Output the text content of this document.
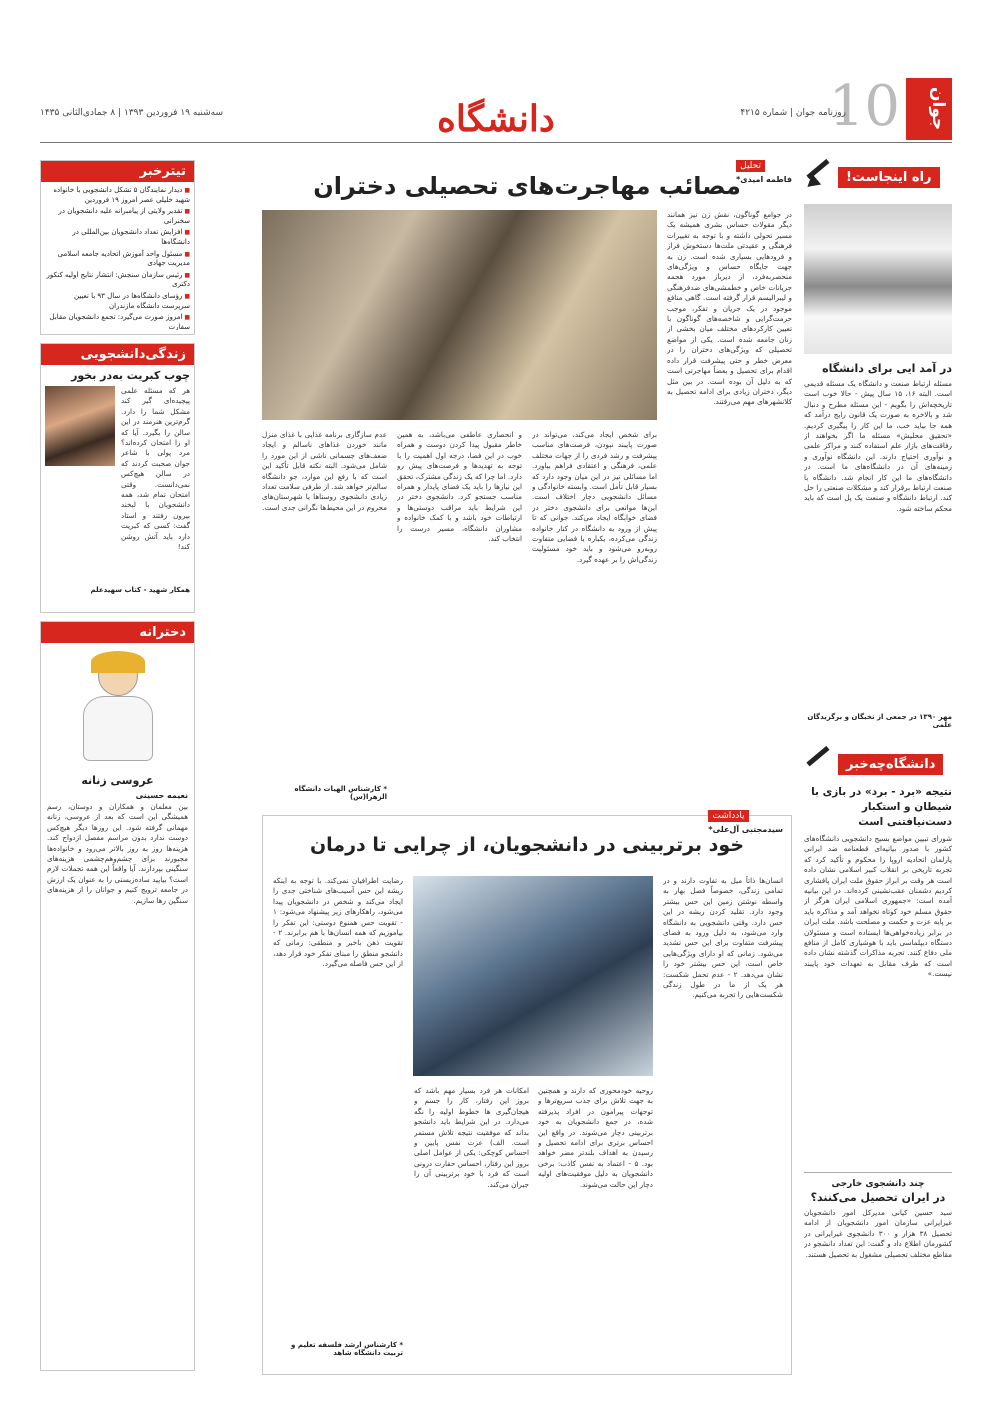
جوان
10
روزنامه جوان | شماره ۴۲۱۵
دانشگاه
سه‌شنبه ۱۹ فروردین ۱۳۹۳ | ۸ جمادی‌الثانی ۱۴۳۵
راه اینجاست!
در آمد ایی برای دانشگاه
مسئله ارتباط صنعت و دانشگاه یک مسئله قدیمی است. البته ۱۶، ۱۵ سال پیش - حالا خوب است تاریخچه‌اش را بگویم - این مسئله مطرح و دنبال شد و بالاخره به صورت یک قانون رایج درآمد که همه‌ جا بیاید خب، ما این کار را پیگیری کردیم. «تحقیق محلیش» مسئله‌ ما اگر بخواهند از رفاقت‌های بازار علم استفاده کنند و مراکز علمی و نوآوری احتیاج دارند. این دانشگاه نوآوری و زمینه‌های آن در دانشگاه‌های ما است. در دانشگاه‌های ما این کار انجام شد. دانشگاه با صنعت ارتباط برقرار کند و مشکلات صنعتی را حل کند. ارتباط دانشگاه و صنعت یک پل است که باید محکم ساخته شود.
مهر ۱۳۹۰ در جمعی از نخبگان و برگزیدگان علمی
دانشگاه‌چه‌خبر
نتیجه «برد - برد» در بازی با شیطان و استکبار دست‌نیافتنی است
شورای تبیین مواضع بسیج دانشجویی دانشگاه‌های کشور با صدور بیانیه‌ای قطعنامه ضد ایرانی پارلمان اتحادیه اروپا را محکوم و تأکید کرد که تجربه تاریخی بر انقلاب کبیر اسلامی نشان داده است هر وقت بر ابراز حقوق ملت ایران پافشاری کردیم دشمنان عقب‌نشینی کرده‌اند. در این بیانیه آمده است: «جمهوری اسلامی ایران هرگز از حقوق مسلم خود کوتاه نخواهد آمد و مذاکره باید بر پایه عزت و حکمت و مصلحت باشد. ملت ایران در برابر زیاده‌خواهی‌ها ایستاده است و مسئولان دستگاه دیپلماسی باید با هوشیاری کامل از منافع ملی دفاع کنند. تجربه مذاکرات گذشته نشان داده است که طرف مقابل به تعهدات خود پایبند نیست.»
چند دانشجوی خارجی
در ایران تحصیل می‌کنند؟
سید حسین کیانی مدیرکل امور دانشجویان غیرایرانی سازمان امور دانشجویان از ادامه تحصیل ۳۸ هزار و ۳۰۰ دانشجوی غیرایرانی در کشورمان اطلاع داد و گفت: این تعداد دانشجو در مقاطع مختلف تحصیلی مشغول به تحصیل هستند.
تحلیل
فاطمه امیدی*
مصائب مهاجرت‌های تحصیلی دختران
در جوامع گوناگون، نقش زن نیز همانند دیگر مقولات حساس بشری همیشه یک مسیر تحولی داشته و با توجه به تغییرات فرهنگی و عقیدتی ملت‌ها دستخوش فراز و فرودهایی بسیاری شده است. زن به جهت جایگاه حساس و ویژگی‌های منحصربه‌فرد، از دیرباز مورد هجمه جریانات خاص و خطمشی‌های ضدفرهنگی و لیبرالیسم قرار گرفته است. گاهی منافع موجود در یک جریان و تفکر، موجب حرمت‌گرایی و شاخصه‌های گوناگون با تعیین کارکردهای مختلف میان بخشی از زنان جامعه شده است. یکی از مواضع تحصیلی که ویژگی‌های دختران را در معرض خطر و حتی پیشرفت قرار داده اقدام برای تحصیل و بعضاً مهاجرتی است که به دلیل آن بوده است. در بین مثل دیگر، دختران زیادی برای ادامه تحصیل به کلانشهرهای مهم می‌رفتند.
برای شخص ایجاد می‌کند، می‌تواند در صورت پایبند نبودن، فرصت‌های مناسب پیشرفت و رشد فردی را از جهات مختلف علمی، فرهنگی و اعتقادی فراهم بیاورد. اما مسائلی نیز در این میان وجود دارد که بسیار قابل تأمل است. وابسته خانوادگی و مسائل دانشجویی دچار اختلاف است. این‌ها موانعی برای دانشجوی دختر در فضای خوابگاه ایجاد می‌کند. جوانی که تا پیش از ورود به دانشگاه در کنار خانواده زندگی می‌کرده، یکباره با فضایی متفاوت روبه‌رو می‌شود و باید خود مسئولیت زندگی‌اش را بر عهده گیرد.
و انحصاری عاطفی می‌باشد، به همین خاطر مقبول پیدا کردن دوست و همراه خوب در این فضا، درجه اول اهمیت را با توجه به تهدیدها و فرصت‌های پیش رو دارد. اما چرا که یک زندگی مشترک، تحقق این نیازها را باید یک فضای پایدار و همراه مناسب جستجو کرد. دانشجوی دختر در این شرایط باید مراقب دوستی‌ها و ارتباطات خود باشد و با کمک خانواده و مشاوران دانشگاه، مسیر درست را انتخاب کند.
عدم سازگاری برنامه غذایی با غذای منزل مانند خوردن غذاهای ناسالم و ایجاد ضعف‌های جسمانی ناشی از این مورد را شامل می‌شود. البته نکته قابل تأکید این است که با رفع این موارد، جو دانشگاه سالم‌تر خواهد شد. از طرفی سلامت تعداد زیادی دانشجوی روستاها یا شهرستان‌های محروم در این محیط‌ها نگرانی جدی است.
* کارشناس الهیات دانشگاه الزهرا(س)
یادداشت
سیدمجتبی آل‌علی*
خود برتربینی در دانشجویان، از چرایی تا درمان
انسان‌ها ذاتاً میل به تفاوت دارند و در تمامی زندگی، خصوصاً فصل بهار به واسطه نوشتن زمین این حس بیشتر وجود دارد. تقلید کردن ریشه در این حس دارد. وقتی دانشجویی به دانشگاه وارد می‌شود، به دلیل ورود به فضای پیشرفت متفاوت برای این حس تشدید می‌شود. زمانی که او دارای ویژگی‌هایی خاص است، این حس بیشتر خود را نشان می‌دهد. ۲ - عدم تحمل شکست: هر یک از ما در طول زندگی شکست‌هایی را تجربه می‌کنیم.
روحیه خودمحوری که دارند و همچنین به جهت تلاش برای جذب سریع‌ترها و توجهات پیرامون در افراد پذیرفته شده، در جمع دانشجویان به خود برتربینی دچار می‌شوند. در واقع این احساس برتری برای ادامه تحصیل و رسیدن به اهداف بلندتر مضر خواهد بود. ۵ - اعتماد به نفس کاذب: برخی دانشجویان به دلیل موفقیت‌های اولیه دچار این حالت می‌شوند.
امکانات هر فرد بسیار مهم باشد که بروز این رفتار، کار را جسم و هیجان‌گیری ها خطوط اولیه را نگه می‌دارد. در این شرایط باید دانشجو بداند که موفقیت نتیجه تلاش مستمر است. الف) عزت نفس پایین و احساس کوچکی: یکی از عوامل اصلی بروز این رفتار، احساس حقارت درونی است که فرد با خود برتربینی آن را جبران می‌کند.
رضایت اطرافیان نمی‌کند. با توجه به اینکه ریشه این حس آسیب‌های شناختی جدی را ایجاد می‌کند و شخص در دانشجویان پیدا می‌شود، راهکارهای زیر پیشنهاد می‌شود: ۱ - تقویت حس همنوع دوستی: این تفکر را بیاموزیم که همه انسان‌ها با هم برابرند. ۲ - تقویت ذهن باخبر و منطقی: زمانی که دانشجو منطق را مبنای تفکر خود قرار دهد، از این حس فاصله می‌گیرد.
* کارشناس ارشد فلسفه تعلیم و تربیت دانشگاه شاهد
تیترخبر
■ دیدار نمایندگان ۵ تشکل دانشجویی با خانواده شهید خلیلی عصر امروز ۱۹ فروردین
■ تقدیر ولایتی از پیامبرانه علیه دانشجویان در سخنرانی
■ افزایش تعداد دانشجویان بین‌المللی در دانشگاه‌ها
■ مسئول واحد آموزش اتحادیه جامعه اسلامی مدیریت جهادی
■ رئیس سازمان سنجش: انتشار نتایج اولیه کنکور دکتری
■ رؤسای دانشگاه‌ها در سال ۹۳ با تعیین سرپرست دانشگاه مازندران
■ امروز صورت می‌گیرد: تجمع دانشجویان مقابل سفارت
زندگی‌دانشجویی
چوب کبریت به‌در بخور
هر که مسئله علمی پیچیده‌ای گیر کند مشکل شما را دارد. گرم‌ترین هنرمند در این سالن را بگیرد. آیا که او را امتحان کرده‌اند؟ مرد پولی با شاعر جوان صحبت کردند که در سالن هیچ‌کس نمی‌دانست. وقتی امتحان تمام شد، همه دانشجویان با لبخند بیرون رفتند و استاد گفت: کسی که کبریت دارد باید آتش روشن کند!
همکار شهید - کتاب سهیدعلم
دخترانه
عروسی زنانه
نعیمه حسینی
بین معلمان و همکاران و دوستان، رسم همیشگی این است که بعد از عروسی، زنانه مهمانی گرفته شود. این روزها دیگر هیچ‌کس دوست ندارد بدون مراسم مفصل ازدواج کند. هزینه‌ها روز به روز بالاتر می‌رود و خانواده‌ها مجبورند برای چشم‌وهم‌چشمی هزینه‌های سنگینی بپردازند. آیا واقعاً این همه تجملات لازم است؟ بیایید ساده‌زیستی را به عنوان یک ارزش در جامعه ترویج کنیم و جوانان را از هزینه‌های سنگین رها سازیم.
